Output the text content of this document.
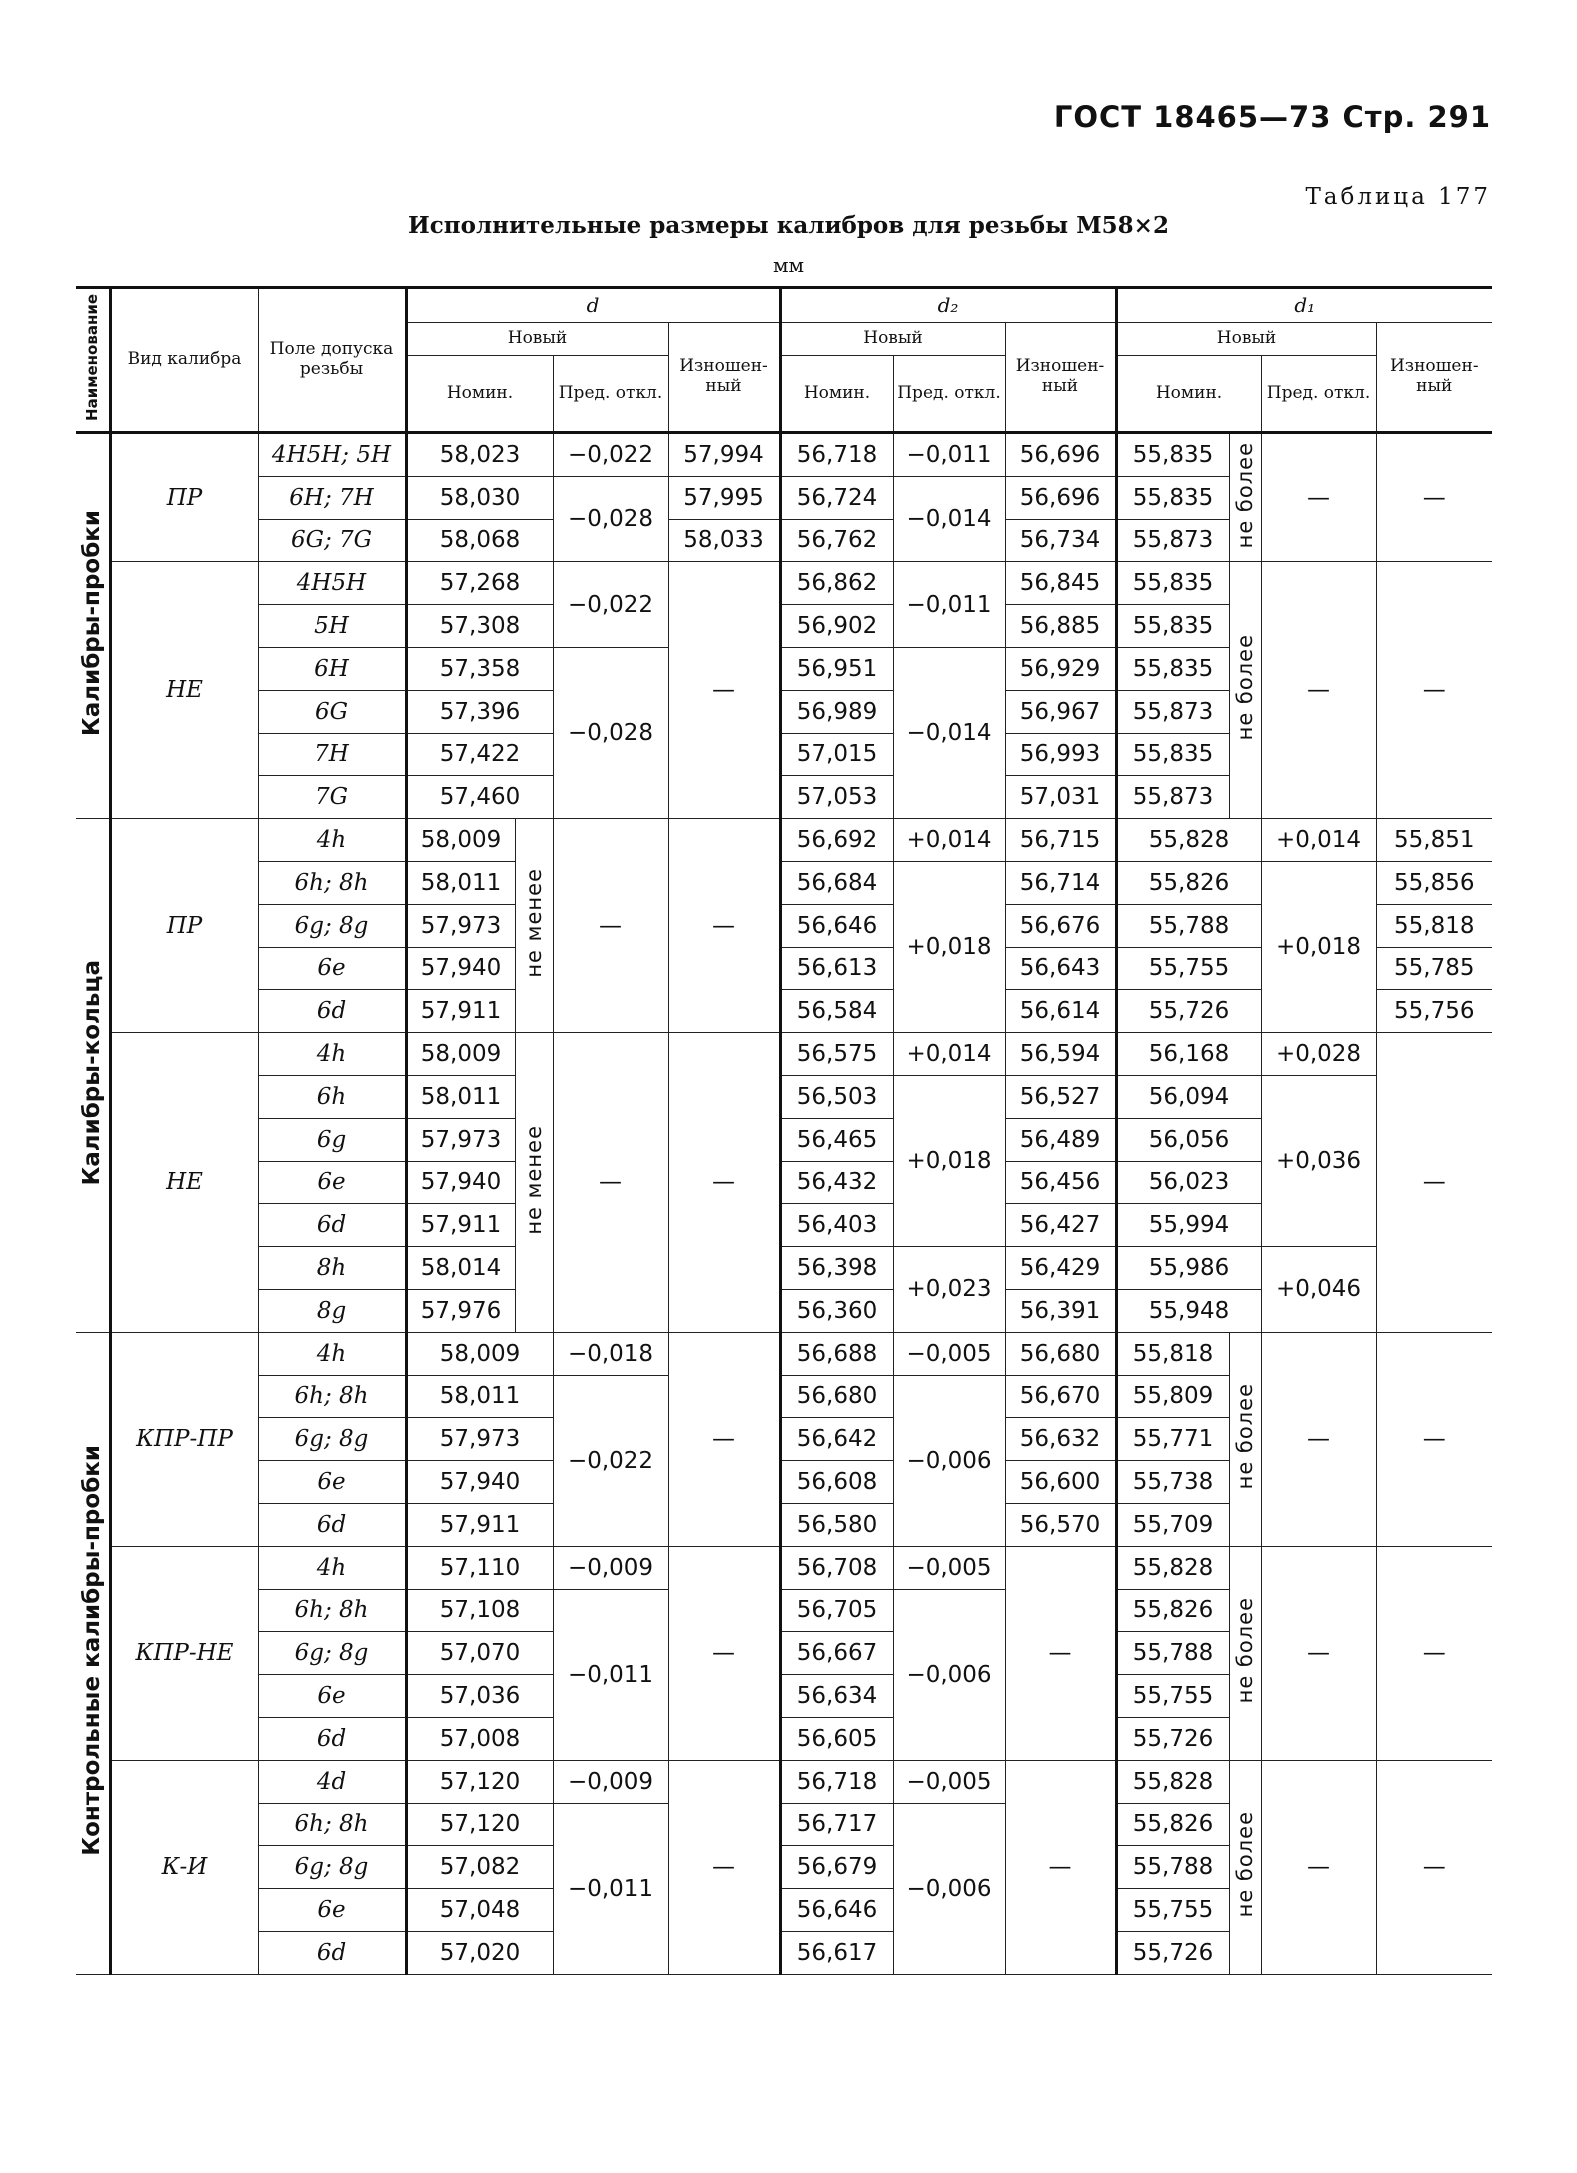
ГОСТ 18465—73 Стр. 291
Таблица 177
Исполнительные размеры калибров для резьбы М58×2
мм
Наименование	Вид калибра	Поле допуска резьбы	d				d₂			d₁			
			Новый			Изношен-ный	Новый		Изношен-ный	Новый			Изношен-ный
			Номин.		Пред. откл.		Номин.	Пред. откл.		Номин.		Пред. откл.	
Калибры-пробки	ПР	4H5H; 5H	58,023		−0,022	57,994	56,718	−0,011	56,696	55,835	не более	—	—
		6H; 7H	58,030		−0,028	57,995	56,724	−0,014	56,696	55,835			
		6G; 7G	58,068			58,033	56,762		56,734	55,873			
	НЕ	4H5H	57,268		−0,022	—	56,862	−0,011	56,845	55,835	не более	—	—
		5H	57,308				56,902		56,885	55,835			
		6H	57,358		−0,028		56,951	−0,014	56,929	55,835			
		6G	57,396				56,989		56,967	55,873			
		7H	57,422				57,015		56,993	55,835			
		7G	57,460				57,053		57,031	55,873			
Калибры-кольца	ПР	4h	58,009	не менее	—	—	56,692	+0,014	56,715	55,828		+0,014	55,851
		6h; 8h	58,011				56,684	+0,018	56,714	55,826		+0,018	55,856
		6g; 8g	57,973				56,646		56,676	55,788			55,818
		6e	57,940				56,613		56,643	55,755			55,785
		6d	57,911				56,584		56,614	55,726			55,756
	НЕ	4h	58,009	не менее	—	—	56,575	+0,014	56,594	56,168		+0,028	—
		6h	58,011				56,503	+0,018	56,527	56,094		+0,036	
		6g	57,973				56,465		56,489	56,056			
		6e	57,940				56,432		56,456	56,023			
		6d	57,911				56,403		56,427	55,994			
		8h	58,014				56,398	+0,023	56,429	55,986		+0,046	
		8g	57,976				56,360		56,391	55,948			
Контрольные калибры-пробки	КПР-ПР	4h	58,009		−0,018	—	56,688	−0,005	56,680	55,818	не более	—	—
		6h; 8h	58,011		−0,022		56,680	−0,006	56,670	55,809			
		6g; 8g	57,973				56,642		56,632	55,771			
		6e	57,940				56,608		56,600	55,738			
		6d	57,911				56,580		56,570	55,709			
	КПР-НЕ	4h	57,110		−0,009	—	56,708	−0,005	—	55,828	не более	—	—
		6h; 8h	57,108		−0,011		56,705	−0,006		55,826			
		6g; 8g	57,070				56,667			55,788			
		6e	57,036				56,634			55,755			
		6d	57,008				56,605			55,726			
	К-И	4d	57,120		−0,009	—	56,718	−0,005	—	55,828	не более	—	—
		6h; 8h	57,120		−0,011		56,717	−0,006		55,826			
		6g; 8g	57,082				56,679			55,788			
		6e	57,048				56,646			55,755			
		6d	57,020				56,617			55,726			
